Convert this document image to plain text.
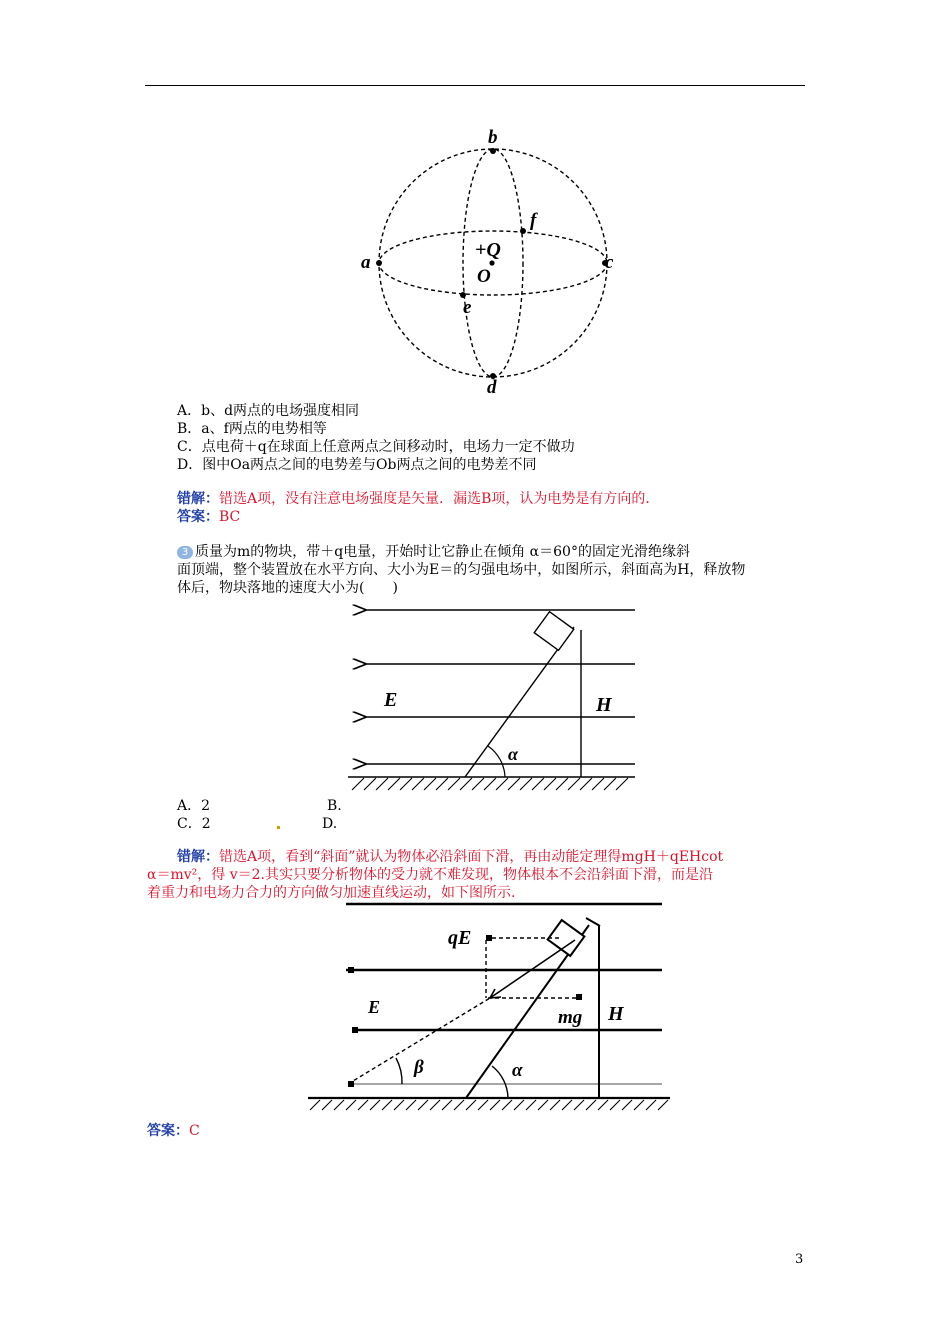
b
f
a	c
+Q
O
e
d
A．b、d两点的电场强度相同
B．a、f两点的电势相等
C．点电荷＋q在球面上任意两点之间移动时，电场力一定不做功
D．图中Oa两点之间的电势差与Ob两点之间的电势差不同
错解：错选A项，没有注意电场强度是矢量．漏选B项，认为电势是有方向的．
答案：BC
3 质量为m的物块，带＋q电量，开始时让它静止在倾角 α＝60°的固定光滑绝缘斜
面顶端，整个装置放在水平方向、大小为E＝的匀强电场中，如图所示，斜面高为H，释放物
体后，物块落地的速度大小为(　　)
E	H
α
A．2	B.
C．2	D.
错解：错选A项，看到“斜面”就认为物体必沿斜面下滑，再由动能定理得mgH＋qEHcot
α＝mv²，得 v＝2.其实只要分析物体的受力就不难发现，物体根本不会沿斜面下滑，而是沿
着重力和电场力合力的方向做匀加速直线运动，如下图所示.
qE
E	mg H
β	α
答案：C
3
